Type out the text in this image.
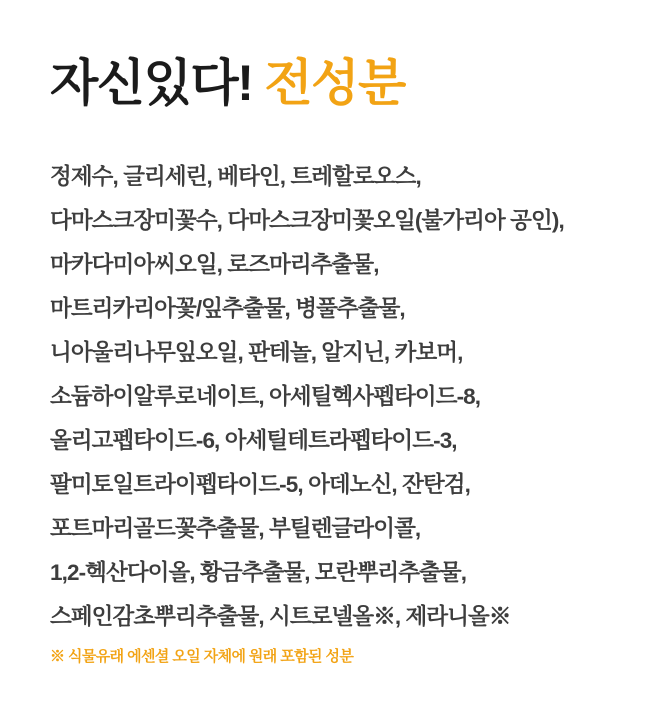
자신있다! 전성분
정제수, 글리세린, 베타인, 트레할로오스,
다마스크장미꽃수, 다마스크장미꽃오일(불가리아 공인),
마카다미아씨오일, 로즈마리추출물,
마트리카리아꽃/잎추출물, 병풀추출물,
니아울리나무잎오일, 판테놀, 알지닌, 카보머,
소듐하이알루로네이트, 아세틸헥사펩타이드-8,
올리고펩타이드-6, 아세틸테트라펩타이드-3,
팔미토일트라이펩타이드-5, 아데노신, 잔탄검,
포트마리골드꽃추출물, 부틸렌글라이콜,
1,2-헥산다이올, 황금추출물, 모란뿌리추출물,
스페인감초뿌리추출물, 시트로넬올※, 제라니올※
※ 식물유래 에센셜 오일 자체에 원래 포함된 성분
